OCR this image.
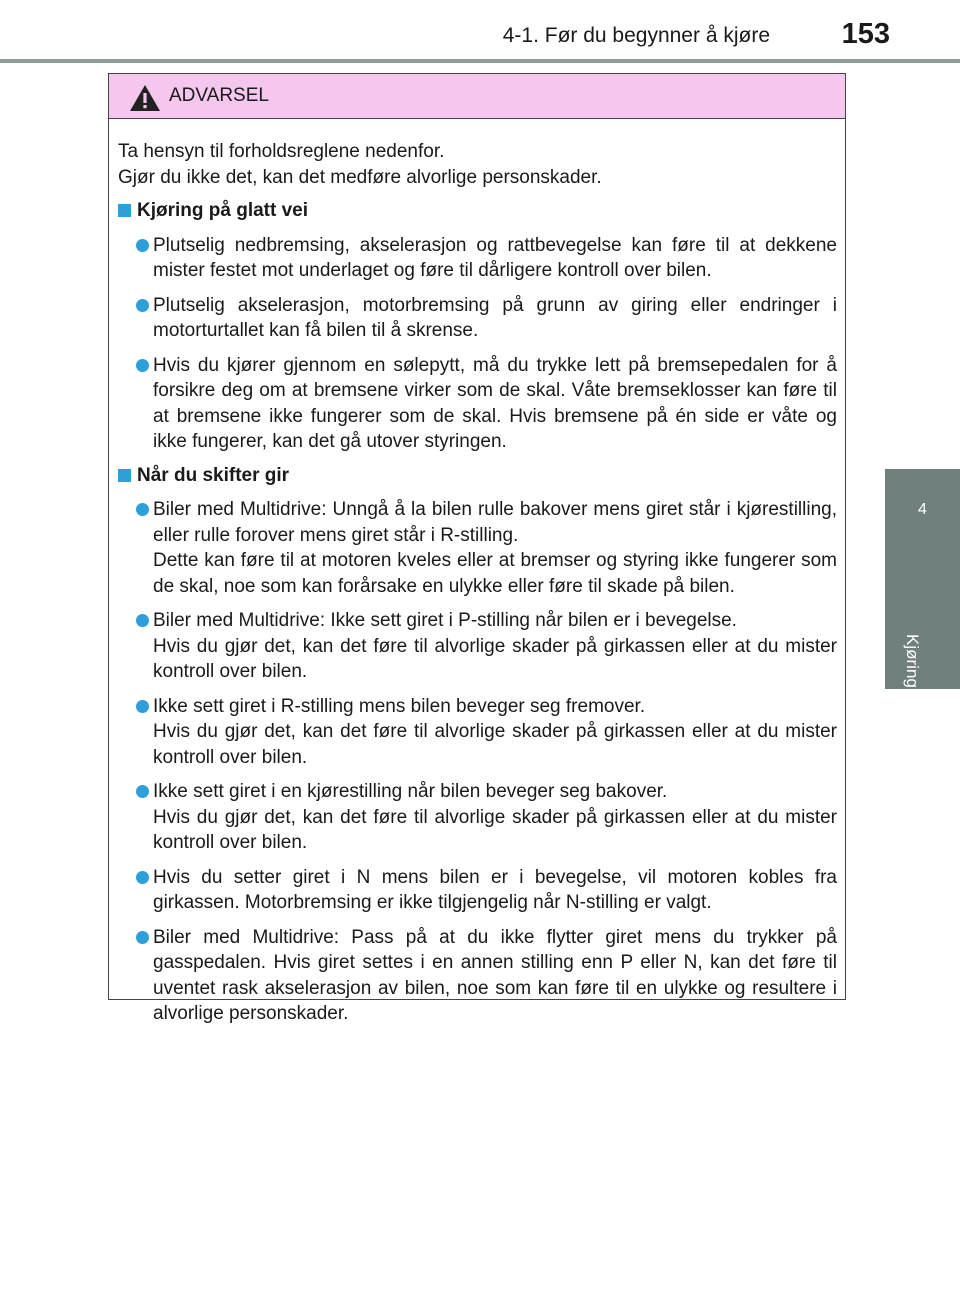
4-1. Før du begynner å kjøre	153
4
Kjøring
ADVARSEL

Ta hensyn til forholdsreglene nedenfor.

Gjør du ikke det, kan det medføre alvorlige personskader.

Kjøring på glatt vei

Plutselig nedbremsing, akselerasjon og rattbevegelse kan føre til at dekkene mister festet mot underlaget og føre til dårligere kontroll over bilen.

Plutselig akselerasjon, motorbremsing på grunn av giring eller endringer i motorturtallet kan få bilen til å skrense.

Hvis du kjører gjennom en sølepytt, må du trykke lett på bremsepedalen for å forsikre deg om at bremsene virker som de skal. Våte bremseklosser kan føre til at bremsene ikke fungerer som de skal. Hvis bremsene på én side er våte og ikke fungerer, kan det gå utover styringen.

Når du skifter gir

Biler med Multidrive: Unngå å la bilen rulle bakover mens giret står i kjørestilling, eller rulle forover mens giret står i R-stilling.

Dette kan føre til at motoren kveles eller at bremser og styring ikke fungerer som de skal, noe som kan forårsake en ulykke eller føre til skade på bilen.

Biler med Multidrive: Ikke sett giret i P-stilling når bilen er i bevegelse.

Hvis du gjør det, kan det føre til alvorlige skader på girkassen eller at du mister kontroll over bilen.

Ikke sett giret i R-stilling mens bilen beveger seg fremover.

Hvis du gjør det, kan det føre til alvorlige skader på girkassen eller at du mister kontroll over bilen.

Ikke sett giret i en kjørestilling når bilen beveger seg bakover.

Hvis du gjør det, kan det føre til alvorlige skader på girkassen eller at du mister kontroll over bilen.

Hvis du setter giret i N mens bilen er i bevegelse, vil motoren kobles fra girkassen. Motorbremsing er ikke tilgjengelig når N-stilling er valgt.

Biler med Multidrive: Pass på at du ikke flytter giret mens du trykker på gasspedalen. Hvis giret settes i en annen stilling enn P eller N, kan det føre til uventet rask akselerasjon av bilen, noe som kan føre til en ulykke og resultere i alvorlige personskader.
